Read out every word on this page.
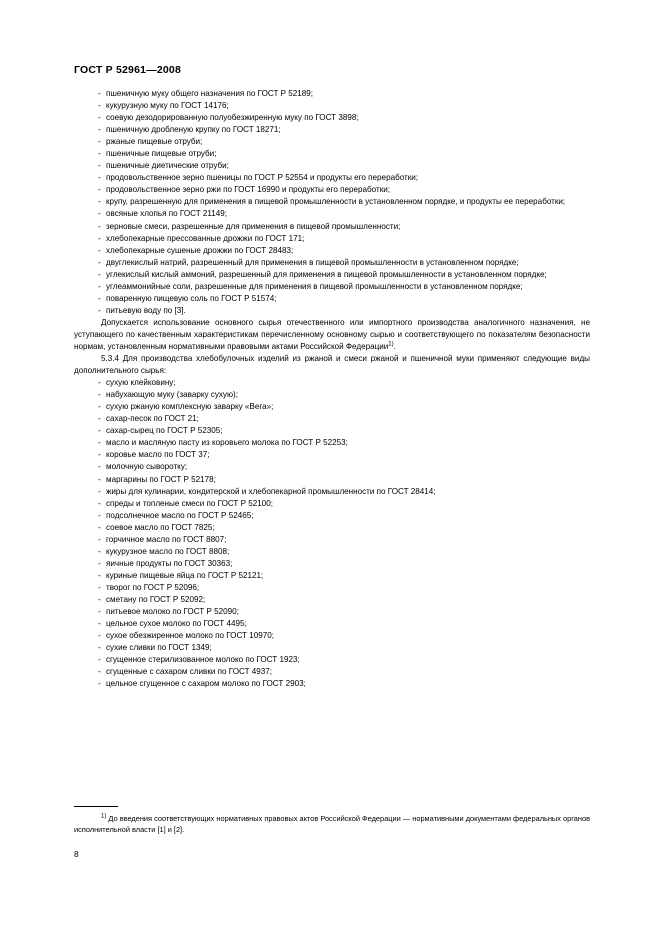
ГОСТ Р 52961—2008
- пшеничную муку общего назначения по ГОСТ Р 52189;
- кукурузную муку по ГОСТ 14176;
- соевую дезодорированную полуобезжиренную муку по ГОСТ 3898;
- пшеничную дробленую крупку по ГОСТ 18271;
- ржаные пищевые отруби;
- пшеничные пищевые отруби;
- пшеничные диетические отруби;
- продовольственное зерно пшеницы по ГОСТ Р 52554 и продукты его переработки;
- продовольственное зерно ржи по ГОСТ 16990 и продукты его переработки;
- крупу, разрешенную для применения в пищевой промышленности в установленном порядке, и продукты ее переработки;
- овсяные хлопья по ГОСТ 21149;
- зерновые смеси, разрешенные для применения в пищевой промышленности;
- хлебопекарные прессованные дрожжи по ГОСТ 171;
- хлебопекарные сушеные дрожжи по ГОСТ 28483;
- двуглекислый натрий, разрешенный для применения в пищевой промышленности в установленном порядке;
- углекислый кислый аммоний, разрешенный для применения в пищевой промышленности в установленном порядке;
- углеаммонийные соли, разрешенные для применения в пищевой промышленности в установленном порядке;
- поваренную пищевую соль по ГОСТ Р 51574;
- питьевую воду по [3].
Допускается использование основного сырья отечественного или импортного производства аналогичного назначения, не уступающего по качественным характеристикам перечисленному основному сырью и соответствующего по показателям безопасности нормам, установленным нормативными правовыми актами Российской Федерации$^{1)}$.
5.3.4 Для производства хлебобулочных изделий из ржаной и смеси ржаной и пшеничной муки применяют следующие виды дополнительного сырья:
- сухую клейковину;
- набухающую муку (заварку сухую);
- сухую ржаную комплексную заварку «Вега»;
- сахар-песок по ГОСТ 21;
- сахар-сырец по ГОСТ Р 52305;
- масло и масляную пасту из коровьего молока по ГОСТ Р 52253;
- коровье масло по ГОСТ 37;
- молочную сыворотку;
- маргарины по ГОСТ Р 52178;
- жиры для кулинарии, кондитерской и хлебопекарной промышленности по ГОСТ 28414;
- спреды и топленые смеси по ГОСТ Р 52100;
- подсолнечное масло по ГОСТ Р 52465;
- соевое масло по ГОСТ 7825;
- горчичное масло по ГОСТ 8807;
- кукурузное масло по ГОСТ 8808;
- яичные продукты по ГОСТ 30363;
- куриные пищевые яйца по ГОСТ Р 52121;
- творог по ГОСТ Р 52096;
- сметану по ГОСТ Р 52092;
- питьевое молоко по ГОСТ Р 52090;
- цельное сухое молоко по ГОСТ 4495;
- сухое обезжиренное молоко по ГОСТ 10970;
- сухие сливки по ГОСТ 1349;
- сгущенное стерилизованное молоко по ГОСТ 1923;
- сгущенные с сахаром сливки по ГОСТ 4937;
- цельное сгущенное с сахаром молоко по ГОСТ 2903;
$^{1)}$ До введения соответствующих нормативных правовых актов Российской Федерации — нормативными документами федеральных органов исполнительной власти [1] и [2].
8
